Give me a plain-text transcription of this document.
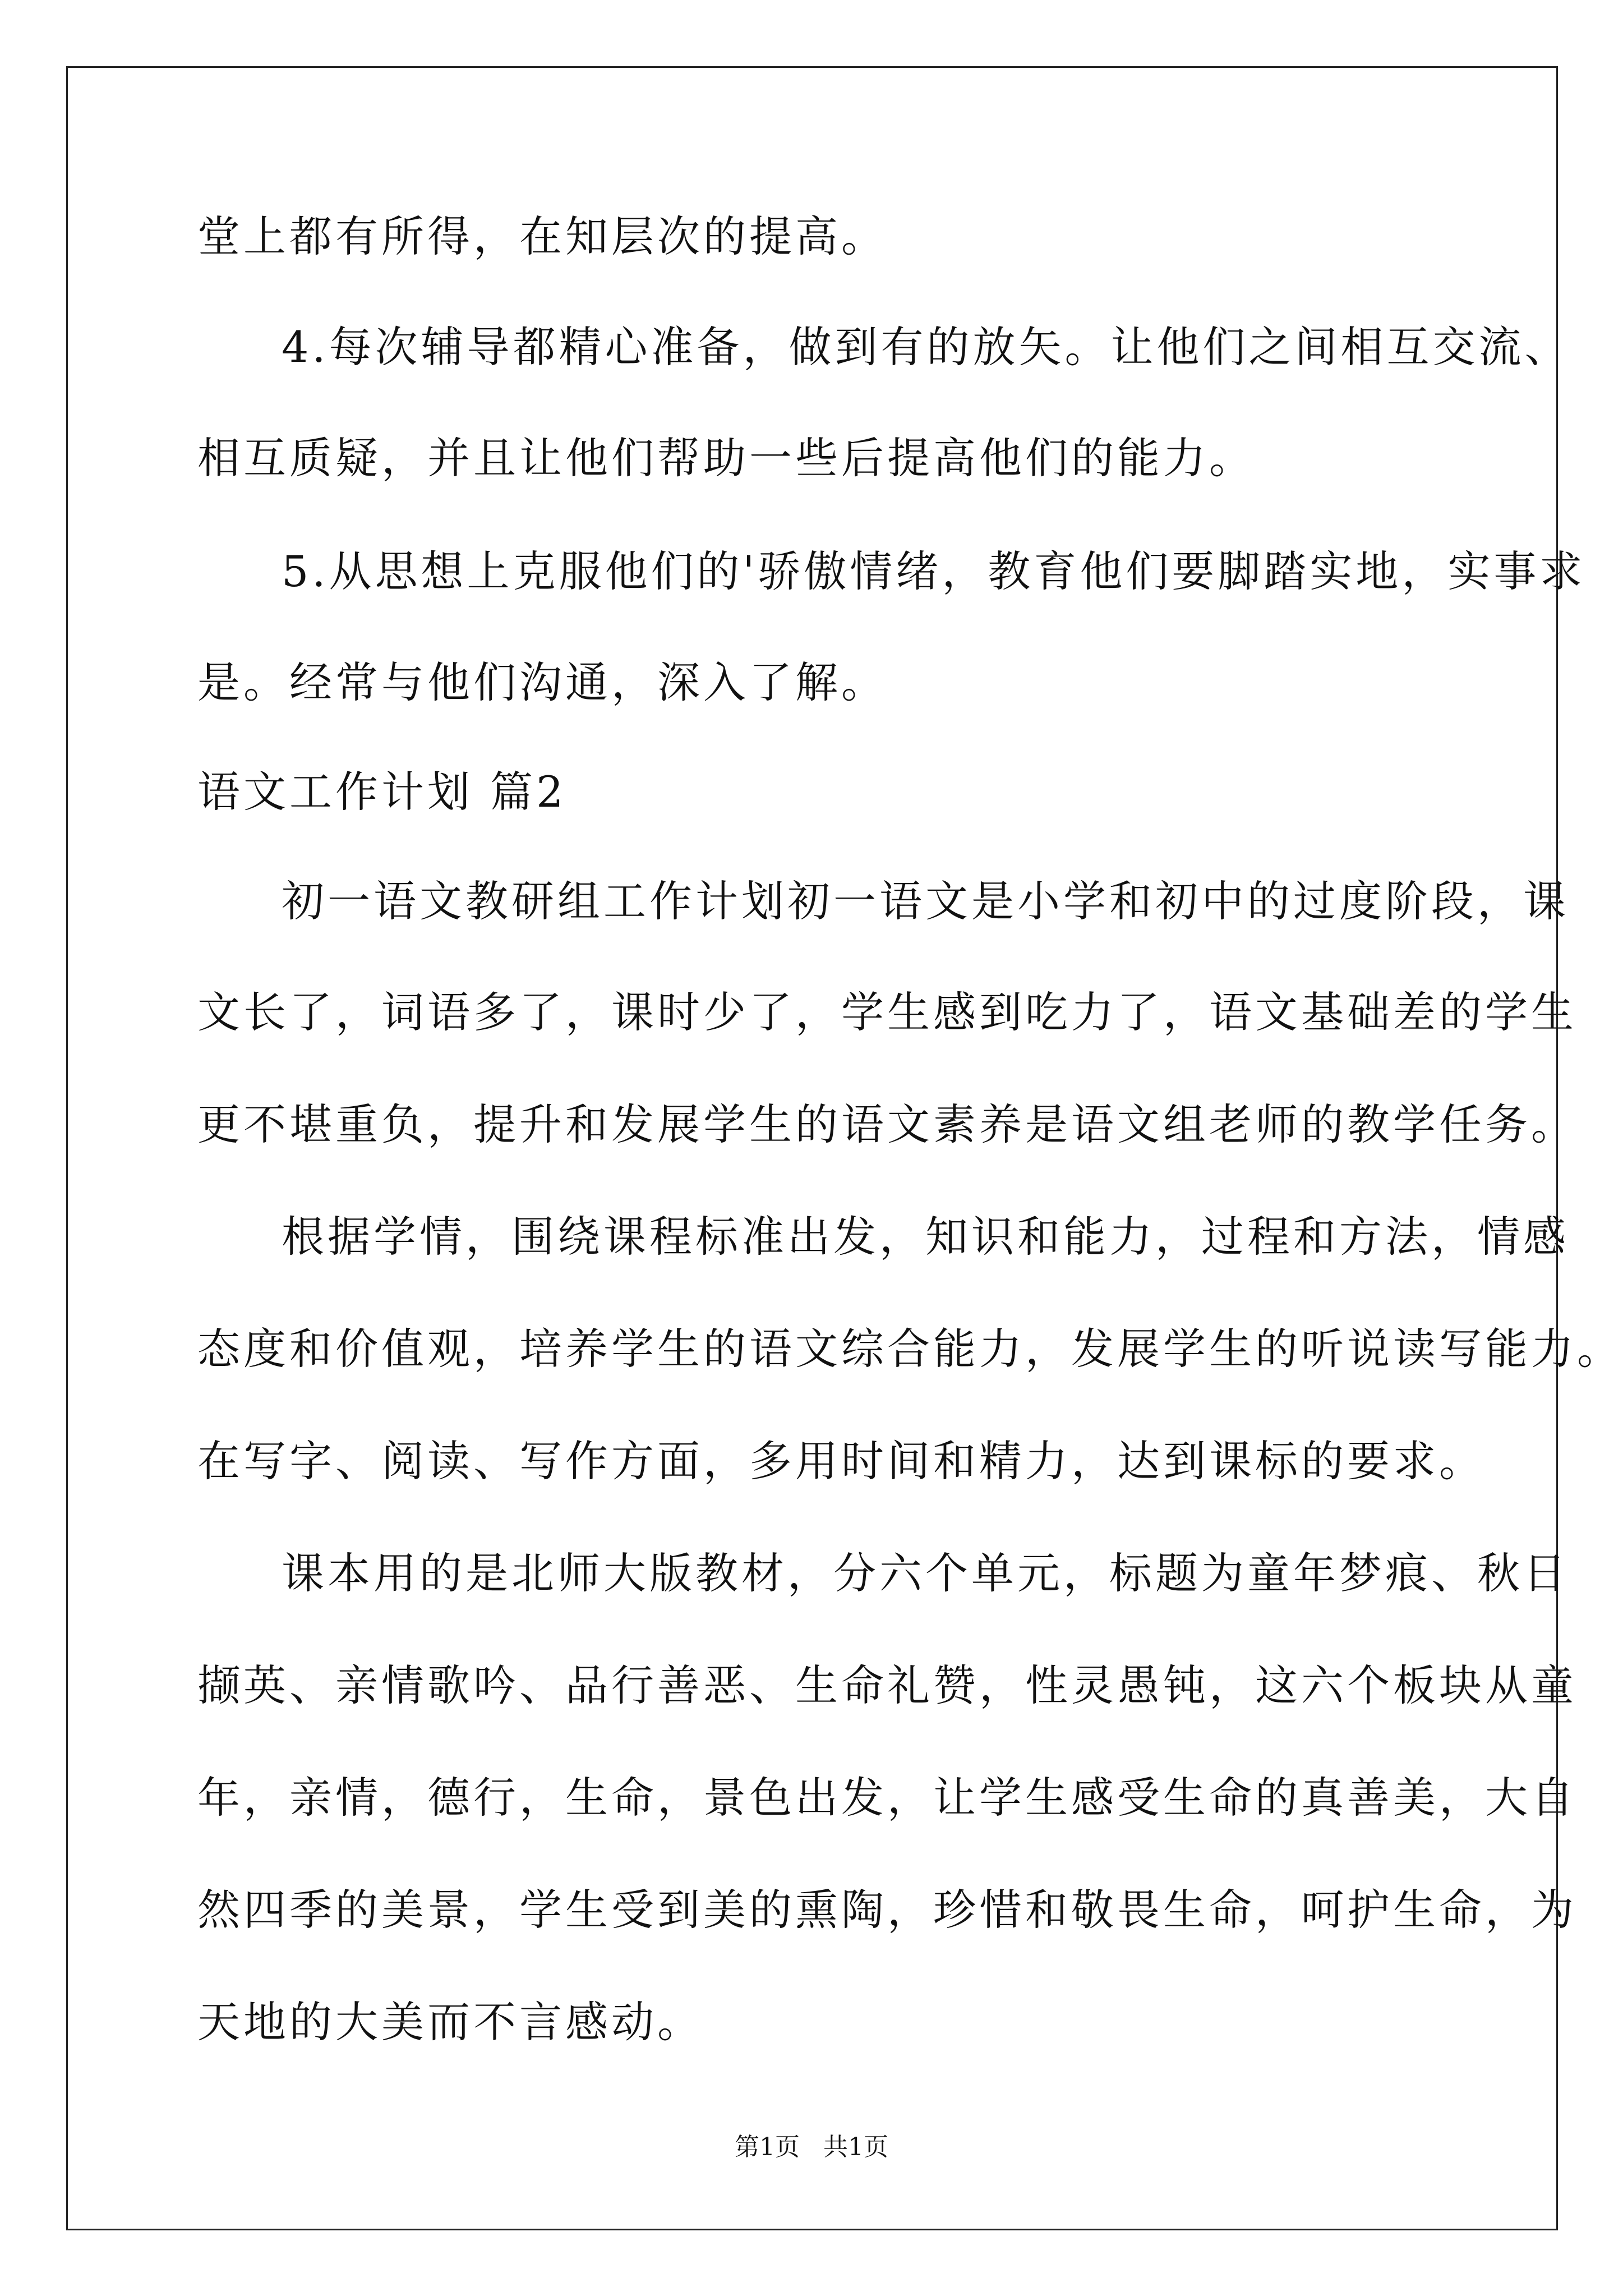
堂上都有所得，在知层次的提高。
4.每次辅导都精心准备，做到有的放矢。让他们之间相互交流、
相互质疑，并且让他们帮助一些后提高他们的能力。
5.从思想上克服他们的'骄傲情绪，教育他们要脚踏实地，实事求
是。经常与他们沟通，深入了解。
语文工作计划 篇2
初一语文教研组工作计划初一语文是小学和初中的过度阶段，课
文长了，词语多了，课时少了，学生感到吃力了，语文基础差的学生
更不堪重负，提升和发展学生的语文素养是语文组老师的教学任务。
根据学情，围绕课程标准出发，知识和能力，过程和方法，情感
态度和价值观，培养学生的语文综合能力，发展学生的听说读写能力。
在写字、阅读、写作方面，多用时间和精力，达到课标的要求。
课本用的是北师大版教材，分六个单元，标题为童年梦痕、秋日
撷英、亲情歌吟、品行善恶、生命礼赞，性灵愚钝，这六个板块从童
年，亲情，德行，生命，景色出发，让学生感受生命的真善美，大自
然四季的美景，学生受到美的熏陶，珍惜和敬畏生命，呵护生命，为
天地的大美而不言感动。
第1页 共1页
